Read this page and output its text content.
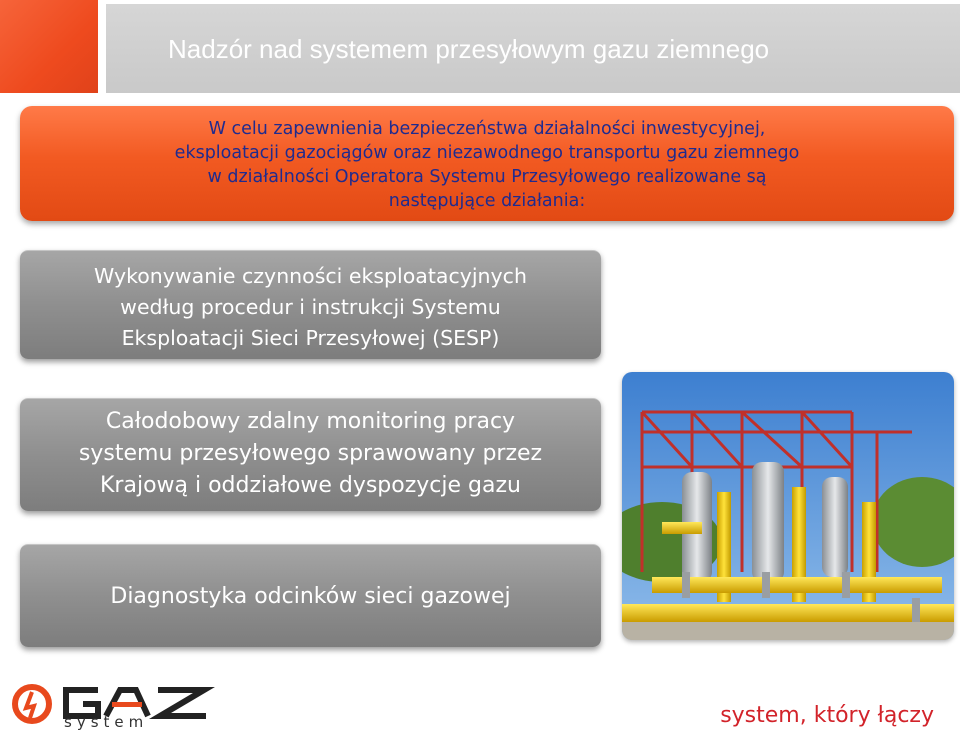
Nadzór nad systemem przesyłowym gazu ziemnego
W celu zapewnienia bezpieczeństwa działalności inwestycyjnej,
eksploatacji gazociągów oraz niezawodnego transportu gazu ziemnego
w działalności Operatora Systemu Przesyłowego realizowane są
następujące działania:
Wykonywanie czynności eksploatacyjnych
według procedur i instrukcji Systemu
Eksploatacji Sieci Przesyłowej (SESP)
Całodobowy zdalny monitoring pracy
systemu przesyłowego sprawowany przez
Krajową i oddziałowe dyspozycje gazu
Diagnostyka odcinków sieci gazowej
system	system, który łączy
